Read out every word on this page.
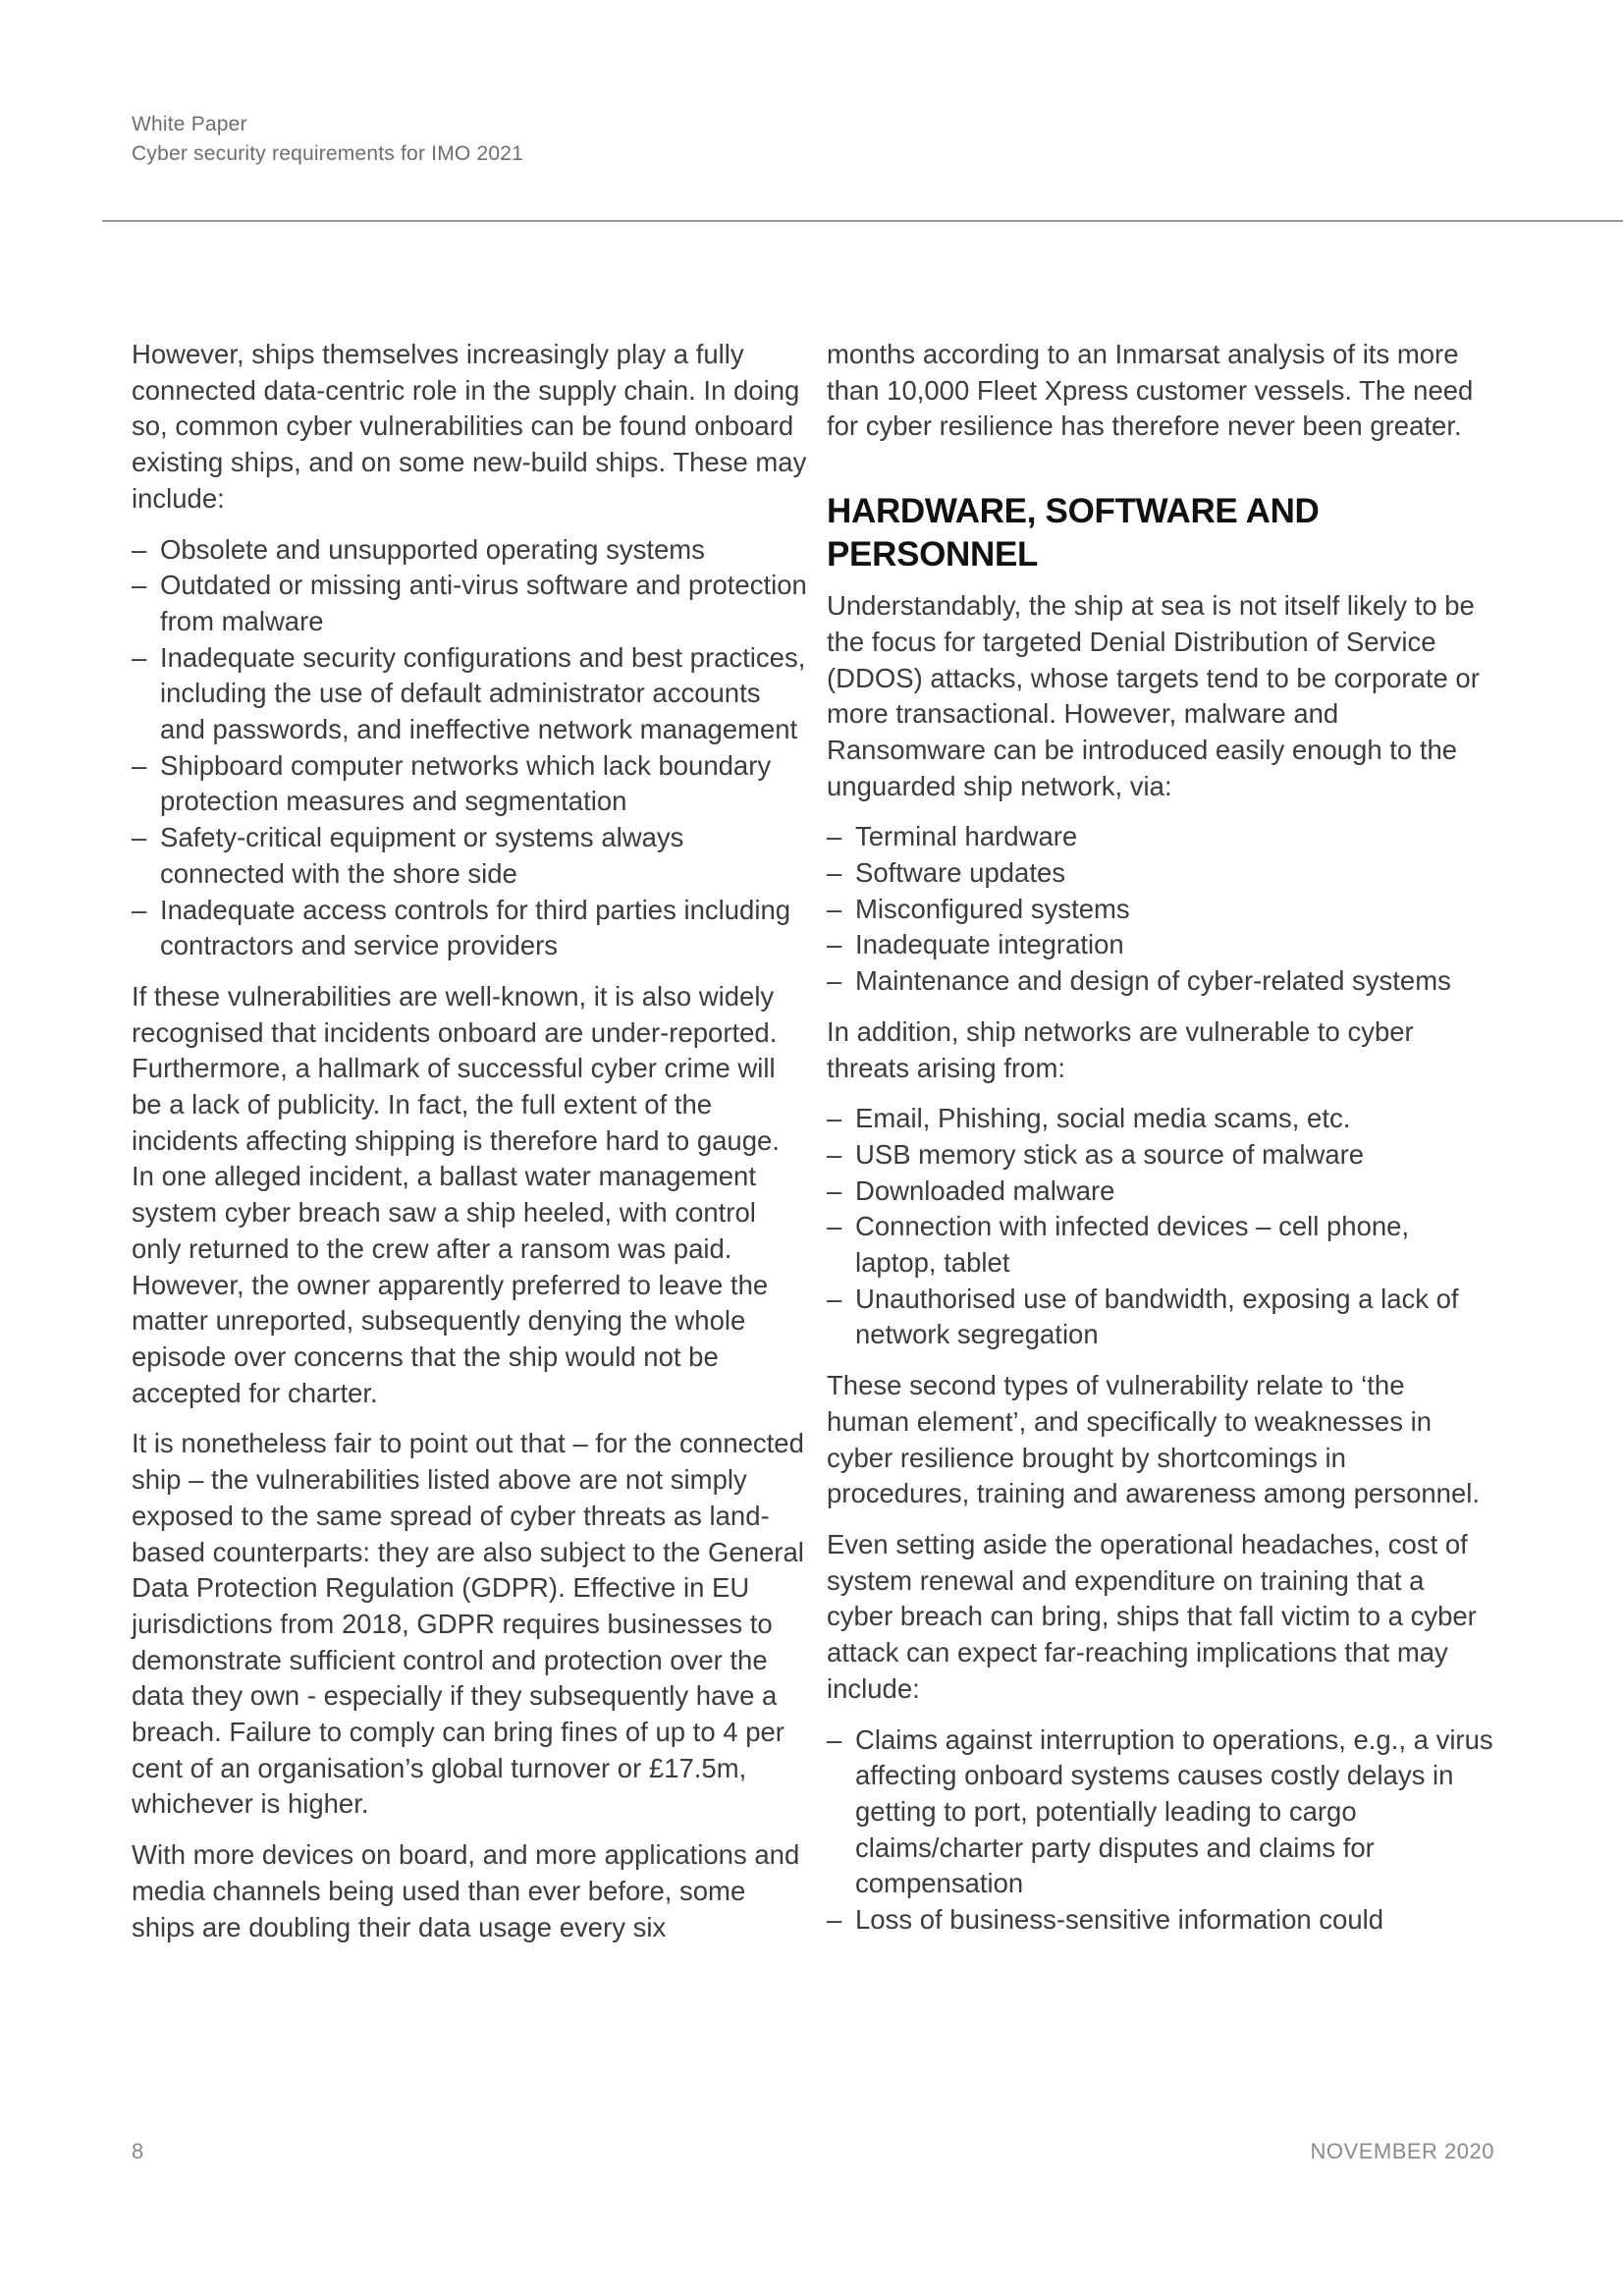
White Paper
Cyber security requirements for IMO 2021

However, ships themselves increasingly play a fully connected data-centric role in the supply chain. In doing so, common cyber vulnerabilities can be found onboard existing ships, and on some new-build ships. These may include:

– Obsolete and unsupported operating systems
– Outdated or missing anti-virus software and protection from malware
– Inadequate security configurations and best practices, including the use of default administrator accounts and passwords, and ineffective network management
– Shipboard computer networks which lack boundary protection measures and segmentation
– Safety-critical equipment or systems always connected with the shore side
– Inadequate access controls for third parties including contractors and service providers

If these vulnerabilities are well-known, it is also widely recognised that incidents onboard are under-reported. Furthermore, a hallmark of successful cyber crime will be a lack of publicity. In fact, the full extent of the incidents affecting shipping is therefore hard to gauge. In one alleged incident, a ballast water management system cyber breach saw a ship heeled, with control only returned to the crew after a ransom was paid. However, the owner apparently preferred to leave the matter unreported, subsequently denying the whole episode over concerns that the ship would not be accepted for charter.

It is nonetheless fair to point out that – for the connected ship – the vulnerabilities listed above are not simply exposed to the same spread of cyber threats as land-based counterparts: they are also subject to the General Data Protection Regulation (GDPR). Effective in EU jurisdictions from 2018, GDPR requires businesses to demonstrate sufficient control and protection over the data they own - especially if they subsequently have a breach. Failure to comply can bring fines of up to 4 per cent of an organisation’s global turnover or £17.5m, whichever is higher.

With more devices on board, and more applications and media channels being used than ever before, some ships are doubling their data usage every six

months according to an Inmarsat analysis of its more than 10,000 Fleet Xpress customer vessels. The need for cyber resilience has therefore never been greater.

HARDWARE, SOFTWARE AND PERSONNEL

Understandably, the ship at sea is not itself likely to be the focus for targeted Denial Distribution of Service (DDOS) attacks, whose targets tend to be corporate or more transactional. However, malware and Ransomware can be introduced easily enough to the unguarded ship network, via:

– Terminal hardware
– Software updates
– Misconfigured systems
– Inadequate integration
– Maintenance and design of cyber-related systems

In addition, ship networks are vulnerable to cyber threats arising from:

– Email, Phishing, social media scams, etc.
– USB memory stick as a source of malware
– Downloaded malware
– Connection with infected devices – cell phone, laptop, tablet
– Unauthorised use of bandwidth, exposing a lack of network segregation

These second types of vulnerability relate to ‘the human element’, and specifically to weaknesses in cyber resilience brought by shortcomings in procedures, training and awareness among personnel.

Even setting aside the operational headaches, cost of system renewal and expenditure on training that a cyber breach can bring, ships that fall victim to a cyber attack can expect far-reaching implications that may include:

– Claims against interruption to operations, e.g., a virus affecting onboard systems causes costly delays in getting to port, potentially leading to cargo claims/charter party disputes and claims for compensation
– Loss of business-sensitive information could
8	NOVEMBER 2020
